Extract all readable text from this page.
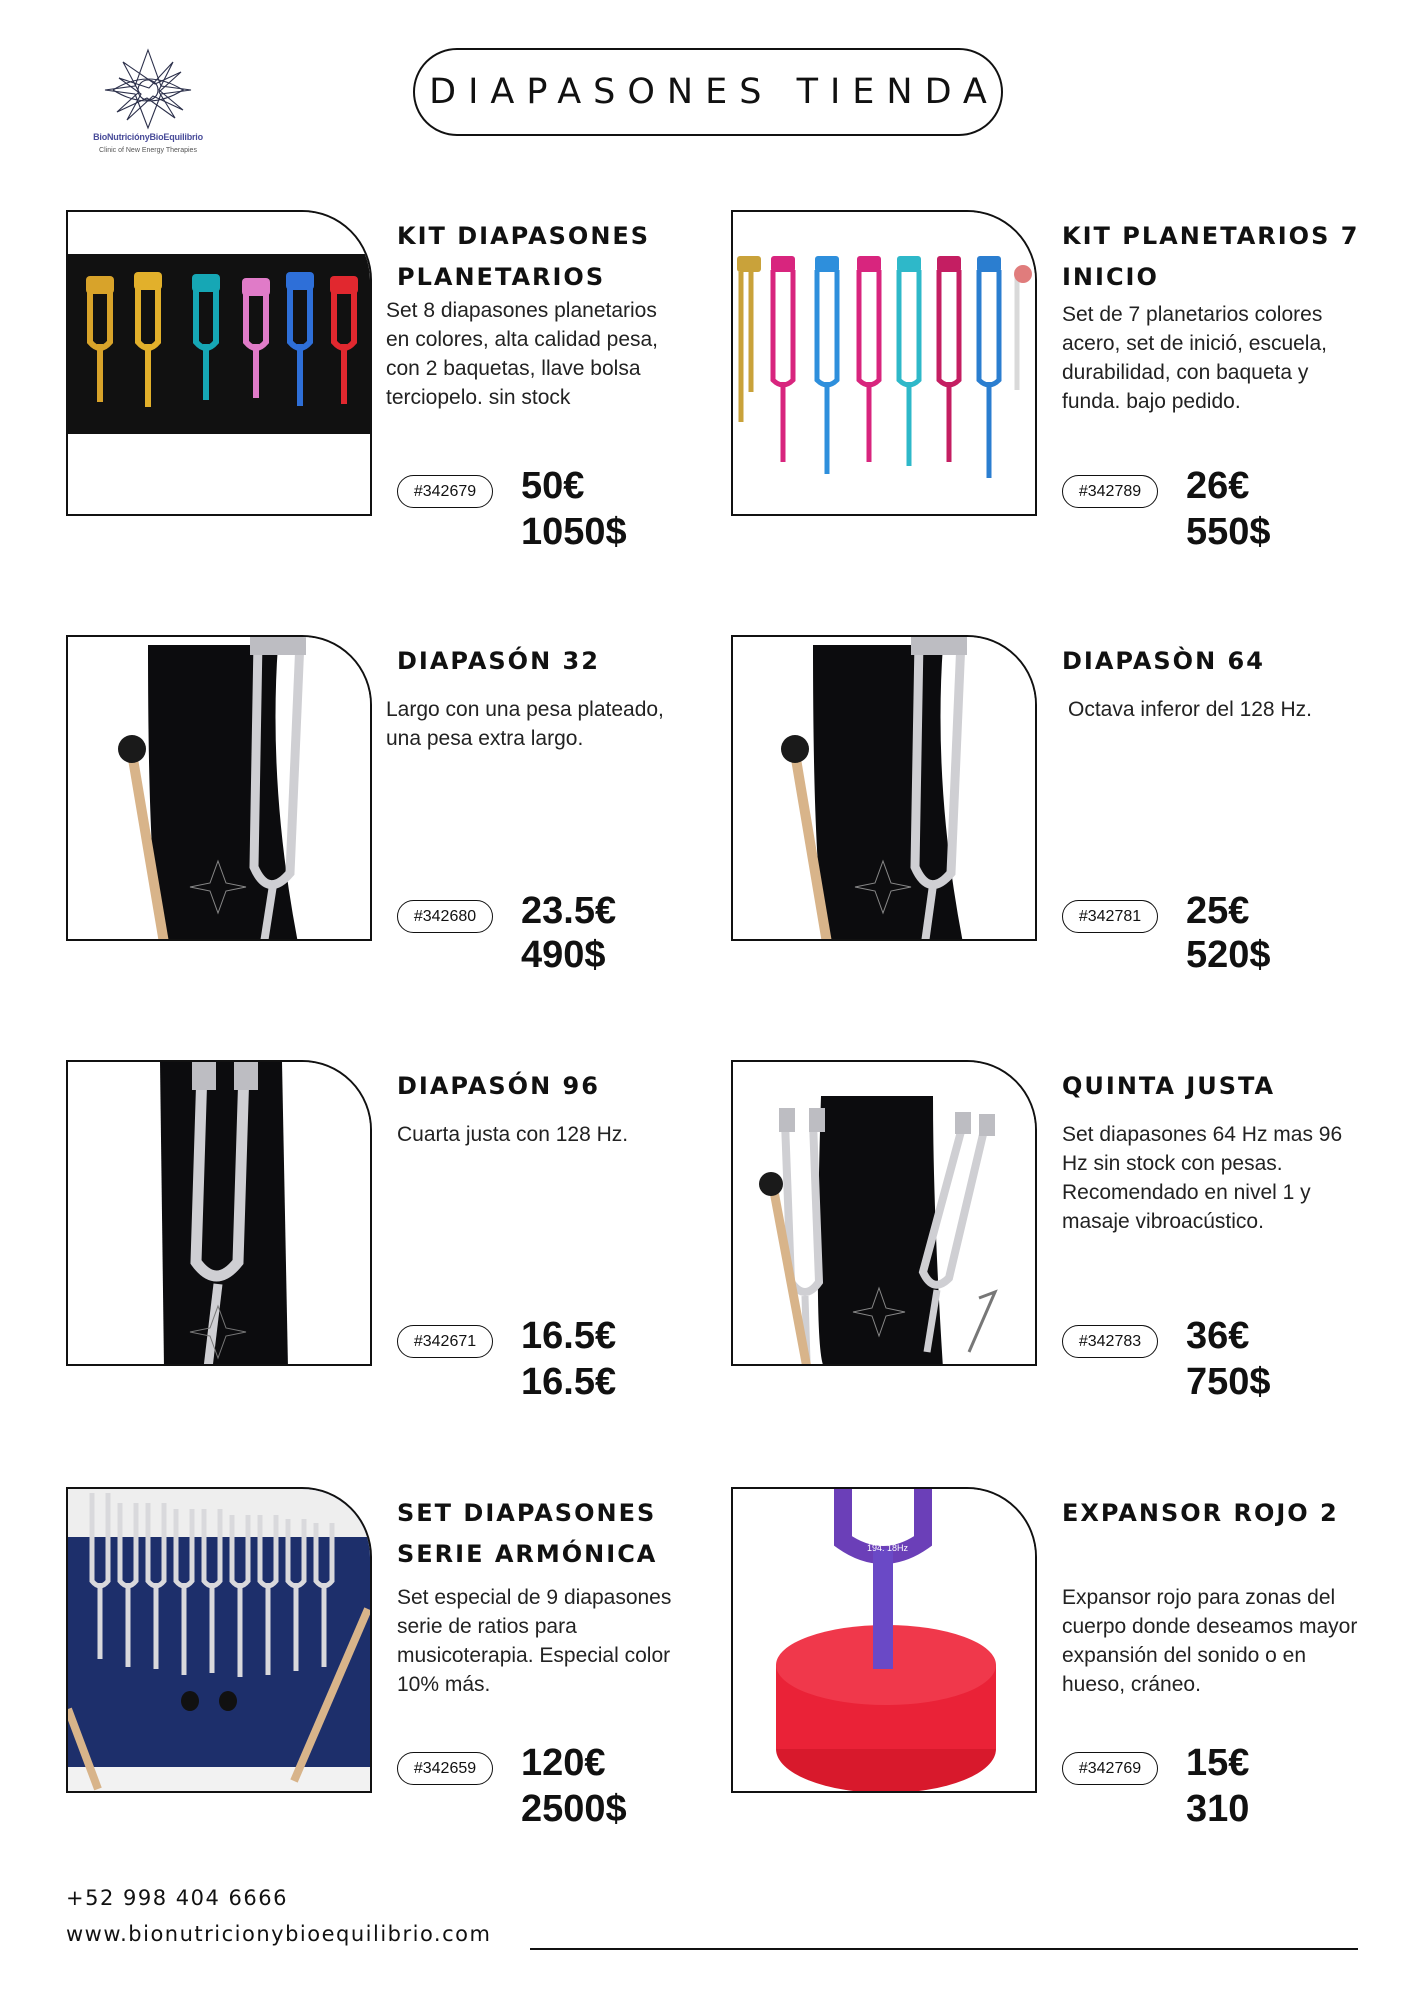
BioNutriciónyBioEquilibrio
Clinic of New Energy Therapies
DIAPASONES TIENDA
KIT DIAPASONES PLANETARIOS
Set 8 diapasones planetarios en colores, alta calidad pesa, con 2 baquetas, llave bolsa terciopelo. sin stock
#342679	50€
1050$
KIT PLANETARIOS 7 INICIO
Set de 7 planetarios colores acero, set de inició, escuela, durabilidad, con baqueta y funda. bajo pedido.
#342789	26€
550$
DIAPASÓN 32
Largo con una pesa plateado, una pesa extra largo.
#342680	23.5€
490$
DIAPASÒN 64
Octava inferor del 128 Hz.
#342781	25€
520$
DIAPASÓN 96
Cuarta justa con 128 Hz.
#342671	16.5€
16.5€
QUINTA JUSTA
Set diapasones 64 Hz mas 96 Hz sin stock con pesas. Recomendado en nivel 1 y masaje vibroacústico.
#342783	36€
750$
SET DIAPASONES SERIE ARMÓNICA
Set especial de 9 diapasones serie de ratios para musicoterapia. Especial color 10% más.
#342659	120€
2500$
194. 18Hz
EXPANSOR ROJO 2
Expansor rojo para zonas del cuerpo donde deseamos mayor expansión del sonido o en hueso, cráneo.
#342769	15€
310
+52 998 404 6666
www.bionutricionybioequilibrio.com
